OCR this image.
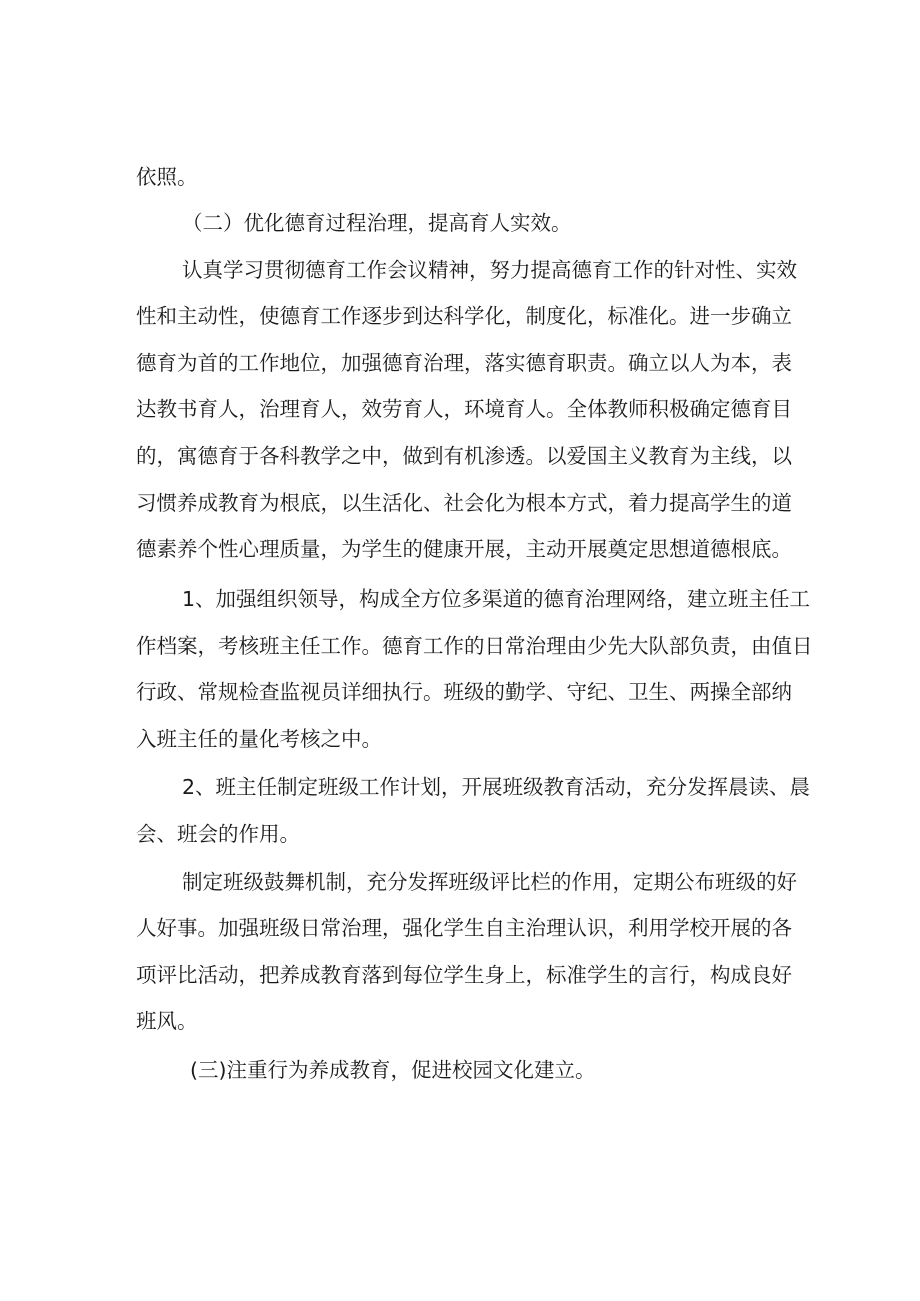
依照。
（二）优化德育过程治理，提高育人实效。
认真学习贯彻德育工作会议精神，努力提高德育工作的针对性、实效
性和主动性，使德育工作逐步到达科学化，制度化，标准化。进一步确立
德育为首的工作地位，加强德育治理，落实德育职责。确立以人为本，表
达教书育人，治理育人，效劳育人，环境育人。全体教师积极确定德育目
的，寓德育于各科教学之中，做到有机渗透。以爱国主义教育为主线，以
习惯养成教育为根底，以生活化、社会化为根本方式，着力提高学生的道
德素养个性心理质量，为学生的健康开展，主动开展奠定思想道德根底。
1、加强组织领导，构成全方位多渠道的德育治理网络，建立班主任工
作档案，考核班主任工作。德育工作的日常治理由少先大队部负责，由值日
行政、常规检查监视员详细执行。班级的勤学、守纪、卫生、两操全部纳
入班主任的量化考核之中。
2、班主任制定班级工作计划，开展班级教育活动，充分发挥晨读、晨
会、班会的作用。
制定班级鼓舞机制，充分发挥班级评比栏的作用，定期公布班级的好
人好事。加强班级日常治理，强化学生自主治理认识，利用学校开展的各
项评比活动，把养成教育落到每位学生身上，标准学生的言行，构成良好
班风。
(三)注重行为养成教育，促进校园文化建立。
